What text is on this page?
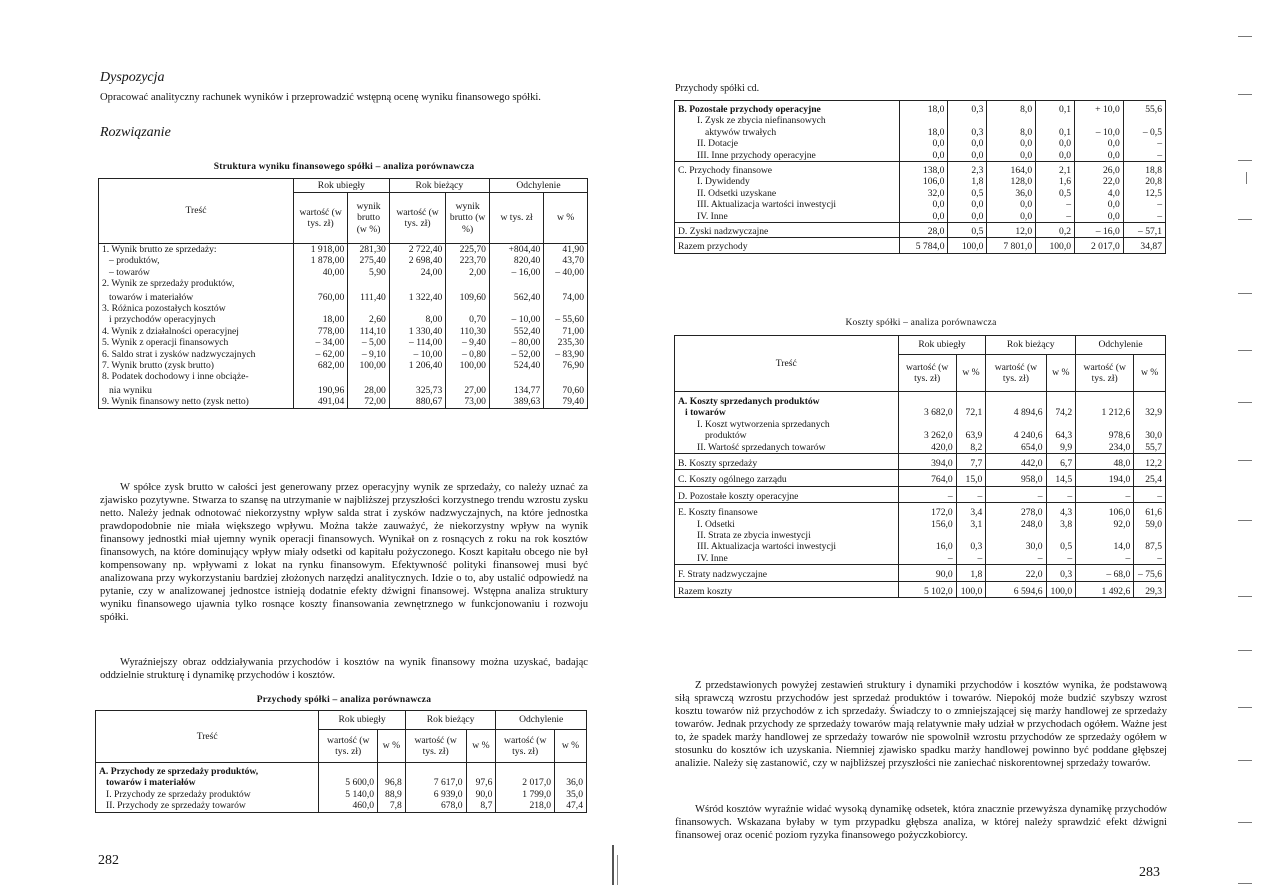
Dyspozycja
Opracować analityczny rachunek wyników i przeprowadzić wstępną ocenę wyniku finansowego spółki.
Rozwiązanie
Struktura wyniku finansowego spółki – analiza porównawcza
Treść	Rok ubiegły		Rok bieżący		Odchylenie	
	wartość (w tys. zł)	wynik brutto (w %)	wartość (w tys. zł)	wynik brutto (w %)	w tys. zł	w %
1. Wynik brutto ze sprzedaży:	1 918,00	281,30	2 722,40	225,70	+804,40	41,90
– produktów,	1 878,00	275,40	2 698,40	223,70	820,40	43,70
– towarów	40,00	5,90	24,00	2,00	– 16,00	– 40,00
2. Wynik ze sprzedaży produktów,						
towarów i materiałów	760,00	111,40	1 322,40	109,60	562,40	74,00
3. Różnica pozostałych kosztów						
i przychodów operacyjnych	18,00	2,60	8,00	0,70	– 10,00	– 55,60
4. Wynik z działalności operacyjnej	778,00	114,10	1 330,40	110,30	552,40	71,00
5. Wynik z operacji finansowych	– 34,00	– 5,00	– 114,00	– 9,40	– 80,00	235,30
6. Saldo strat i zysków nadzwyczajnych	– 62,00	– 9,10	– 10,00	– 0,80	– 52,00	– 83,90
7. Wynik brutto (zysk brutto)	682,00	100,00	1 206,40	100,00	524,40	76,90
8. Podatek dochodowy i inne obciąże-						
nia wyniku	190,96	28,00	325,73	27,00	134,77	70,60
9. Wynik finansowy netto (zysk netto)	491,04	72,00	880,67	73,00	389,63	79,40
W spółce zysk brutto w całości jest generowany przez operacyjny wynik ze sprzedaży, co należy uznać za zjawisko pozytywne. Stwarza to szansę na utrzymanie w najbliższej przyszłości korzystnego trendu wzrostu zysku netto. Należy jednak odnotować niekorzystny wpływ salda strat i zysków nadzwyczajnych, na które jednostka prawdopodobnie nie miała większego wpływu. Można także zauważyć, że niekorzystny wpływ na wynik finansowy jednostki miał ujemny wynik operacji finansowych. Wynikał on z rosnących z roku na rok kosztów finansowych, na które dominujący wpływ miały odsetki od kapitału pożyczonego. Koszt kapitału obcego nie był kompensowany np. wpływami z lokat na rynku finansowym. Efektywność polityki finansowej musi być analizowana przy wykorzystaniu bardziej złożonych narzędzi analitycznych. Idzie o to, aby ustalić odpowiedź na pytanie, czy w analizowanej jednostce istnieją dodatnie efekty dźwigni finansowej. Wstępna analiza struktury wyniku finansowego ujawnia tylko rosnące koszty finansowania zewnętrznego w funkcjonowaniu i rozwoju spółki.
Wyraźniejszy obraz oddziaływania przychodów i kosztów na wynik finansowy można uzyskać, badając oddzielnie strukturę i dynamikę przychodów i kosztów.
Przychody spółki – analiza porównawcza
Treść	Rok ubiegły		Rok bieżący		Odchylenie	
	wartość (w tys. zł)	w %	wartość (w tys. zł)	w %	wartość (w tys. zł)	w %
A. Przychody ze sprzedaży produktów,						
towarów i materiałów	5 600,0	96,8	7 617,0	97,6	2 017,0	36,0
I. Przychody ze sprzedaży produktów	5 140,0	88,9	6 939,0	90,0	1 799,0	35,0
II. Przychody ze sprzedaży towarów	460,0	7,8	678,0	8,7	218,0	47,4
282
Przychody spółki cd.
B. Pozostałe przychody operacyjne	18,0	0,3	8,0	0,1	+ 10,0	55,6
I. Zysk ze zbycia niefinansowych						
aktywów trwałych	18,0	0,3	8,0	0,1	– 10,0	– 0,5
II. Dotacje	0,0	0,0	0,0	0,0	0,0	–
III. Inne przychody operacyjne	0,0	0,0	0,0	0,0	0,0	–
C. Przychody finansowe	138,0	2,3	164,0	2,1	26,0	18,8
I. Dywidendy	106,0	1,8	128,0	1,6	22,0	20,8
II. Odsetki uzyskane	32,0	0,5	36,0	0,5	4,0	12,5
III. Aktualizacja wartości inwestycji	0,0	0,0	0,0	–	0,0	–
IV. Inne	0,0	0,0	0,0	–	0,0	–
D. Zyski nadzwyczajne	28,0	0,5	12,0	0,2	– 16,0	– 57,1
Razem przychody	5 784,0	100,0	7 801,0	100,0	2 017,0	34,87
Koszty spółki – analiza porównawcza
Treść	Rok ubiegły		Rok bieżący		Odchylenie	
	wartość (w tys. zł)	w %	wartość (w tys. zł)	w %	wartość (w tys. zł)	w %
A. Koszty sprzedanych produktów						
i towarów	3 682,0	72,1	4 894,6	74,2	1 212,6	32,9
I. Koszt wytworzenia sprzedanych						
produktów	3 262,0	63,9	4 240,6	64,3	978,6	30,0
II. Wartość sprzedanych towarów	420,0	8,2	654,0	9,9	234,0	55,7
B. Koszty sprzedaży	394,0	7,7	442,0	6,7	48,0	12,2
C. Koszty ogólnego zarządu	764,0	15,0	958,0	14,5	194,0	25,4
D. Pozostałe koszty operacyjne	–	–	–	–	–	–
E. Koszty finansowe	172,0	3,4	278,0	4,3	106,0	61,6
I. Odsetki	156,0	3,1	248,0	3,8	92,0	59,0
II. Strata ze zbycia inwestycji						
III. Aktualizacja wartości inwestycji	16,0	0,3	30,0	0,5	14,0	87,5
IV. Inne	–	–	–	–	–	–
F. Straty nadzwyczajne	90,0	1,8	22,0	0,3	– 68,0	– 75,6
Razem koszty	5 102,0	100,0	6 594,6	100,0	1 492,6	29,3
Z przedstawionych powyżej zestawień struktury i dynamiki przychodów i kosztów wynika, że podstawową siłą sprawczą wzrostu przychodów jest sprzedaż produktów i towarów. Niepokój może budzić szybszy wzrost kosztu towarów niż przychodów z ich sprzedaży. Świadczy to o zmniejszającej się marży handlowej ze sprzedaży towarów. Jednak przychody ze sprzedaży towarów mają relatywnie mały udział w przychodach ogółem. Ważne jest to, że spadek marży handlowej ze sprzedaży towarów nie spowolnił wzrostu przychodów ze sprzedaży ogółem w stosunku do kosztów ich uzyskania. Niemniej zjawisko spadku marży handlowej powinno być poddane głębszej analizie. Należy się zastanowić, czy w najbliższej przyszłości nie zaniechać niskorentownej sprzedaży towarów.
Wśród kosztów wyraźnie widać wysoką dynamikę odsetek, która znacznie przewyższa dynamikę przychodów finansowych. Wskazana byłaby w tym przypadku głębsza analiza, w której należy sprawdzić efekt dźwigni finansowej oraz ocenić poziom ryzyka finansowego pożyczkobiorcy.
283
